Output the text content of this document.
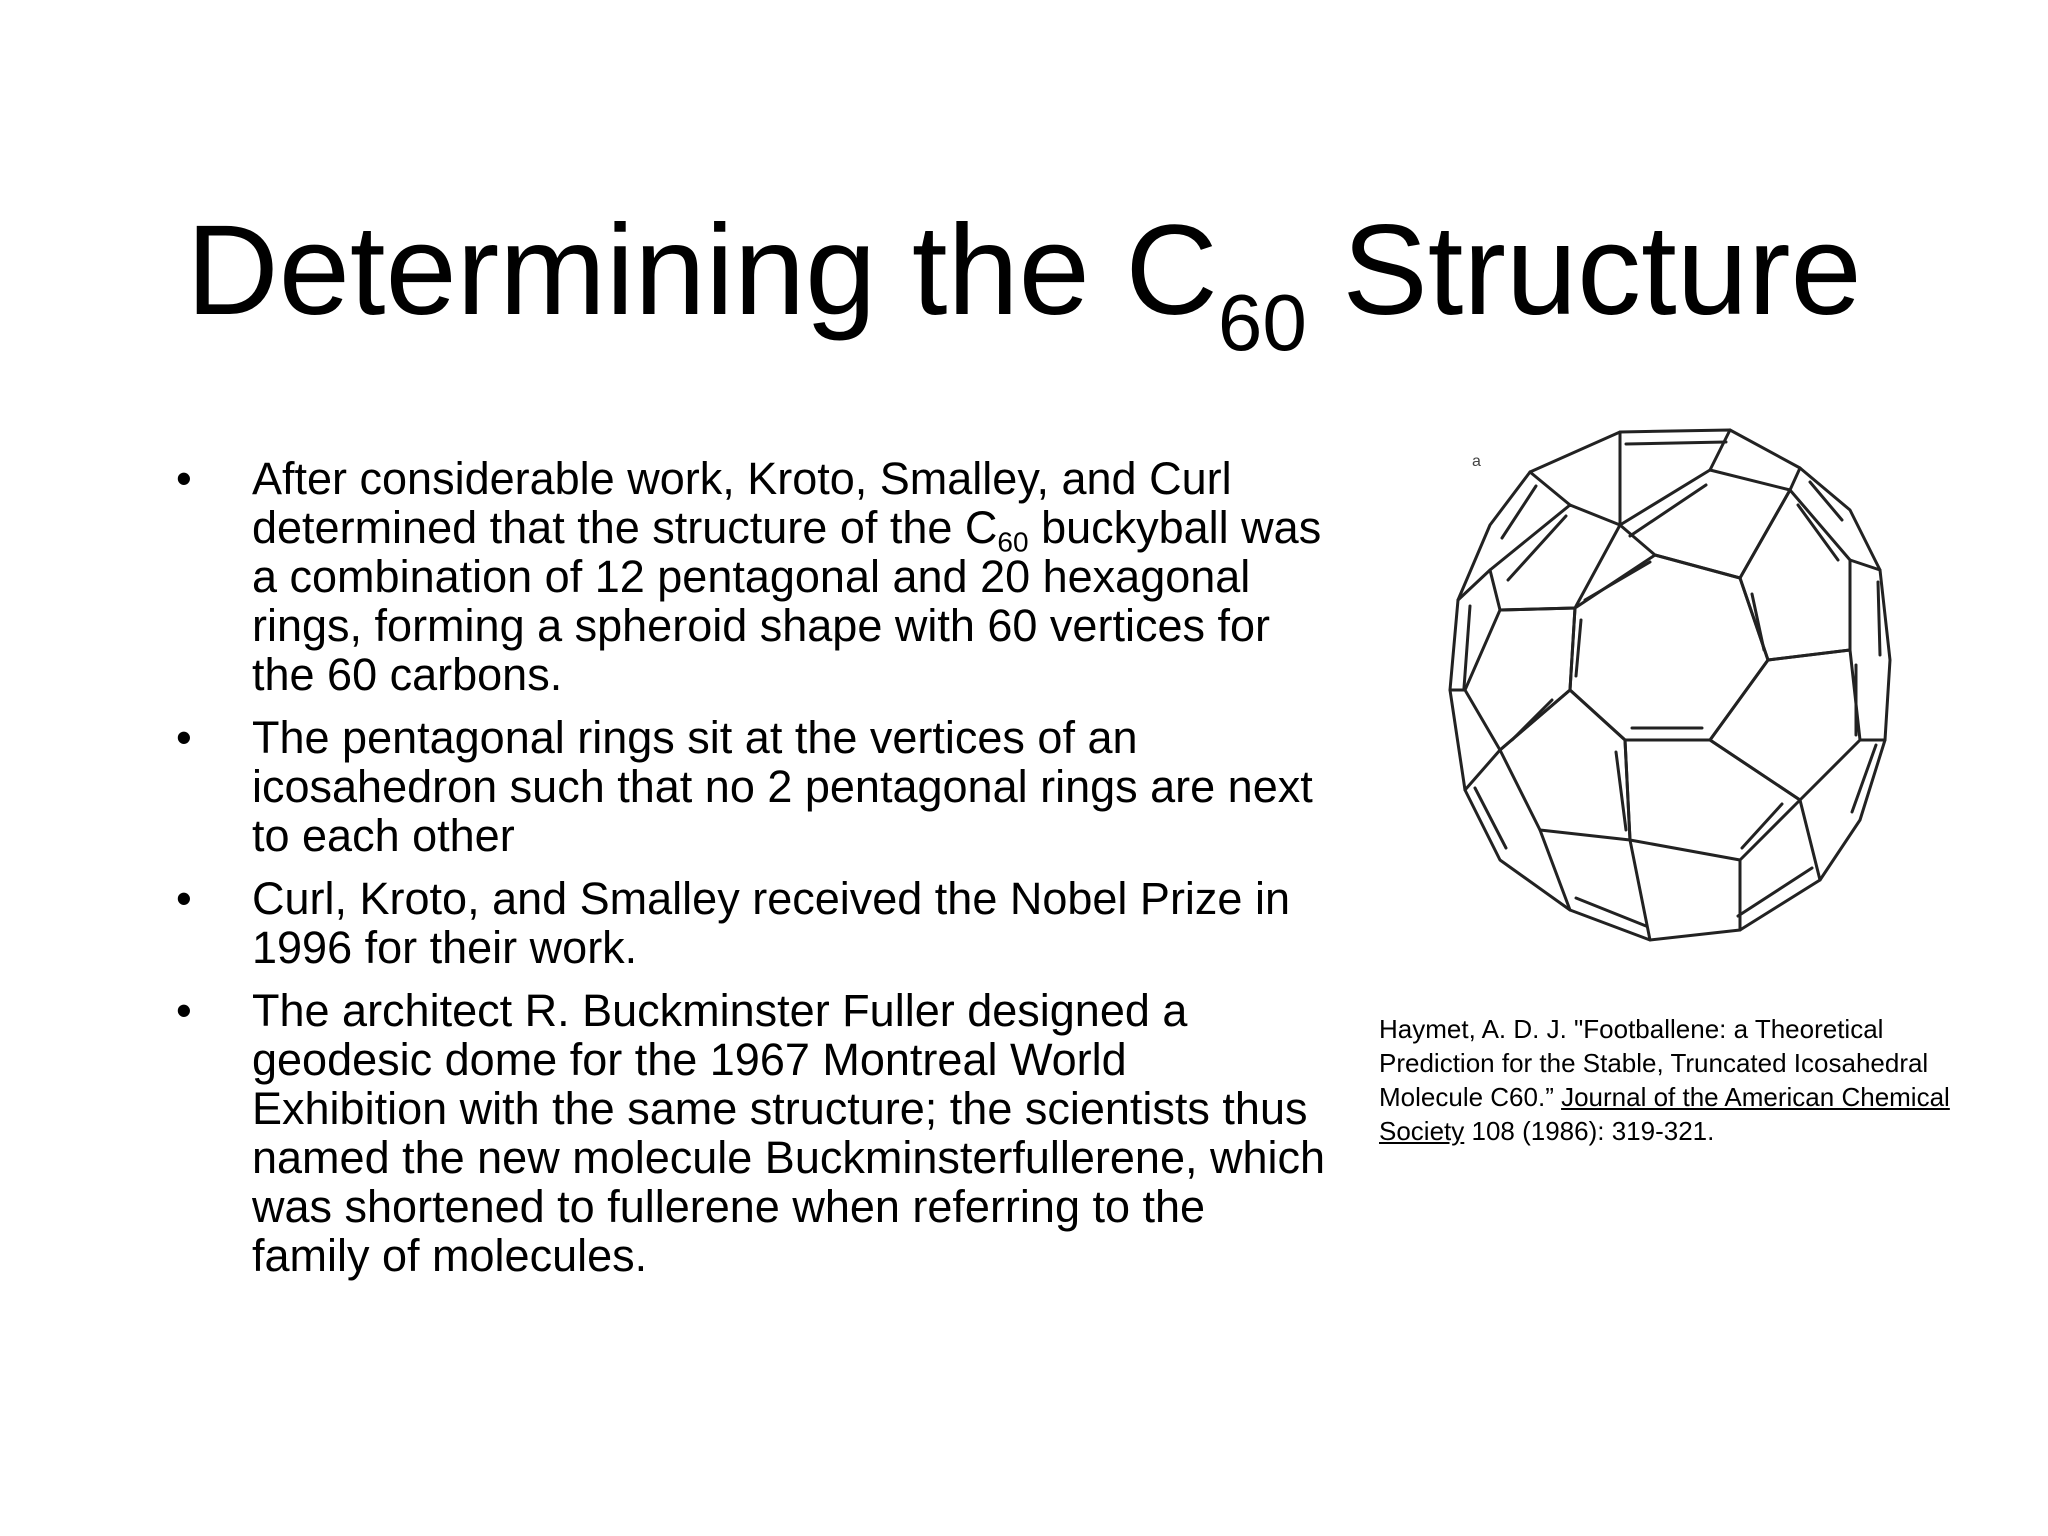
Determining the $C_{60}$ Structure
•	After considerable work, Kroto, Smalley, and Curl determined that the structure of the $C_{60}$ buckyball was a combination of 12 pentagonal and 20 hexagonal rings, forming a spheroid shape with 60 vertices for the 60 carbons.
•	The pentagonal rings sit at the vertices of an icosahedron such that no 2 pentagonal rings are next to each other
•	Curl, Kroto, and Smalley received the Nobel Prize in 1996 for their work.
•	The architect R. Buckminster Fuller designed a geodesic dome for the 1967 Montreal World Exhibition with the same structure; the scientists thus named the new molecule Buckminsterfullerene, which was shortened to fullerene when referring to the family of molecules.
a
Haymet, A. D. J. "Footballene: a Theoretical Prediction for the Stable, Truncated Icosahedral Molecule C60.” Journal of the American Chemical Society 108 (1986): 319-321.
